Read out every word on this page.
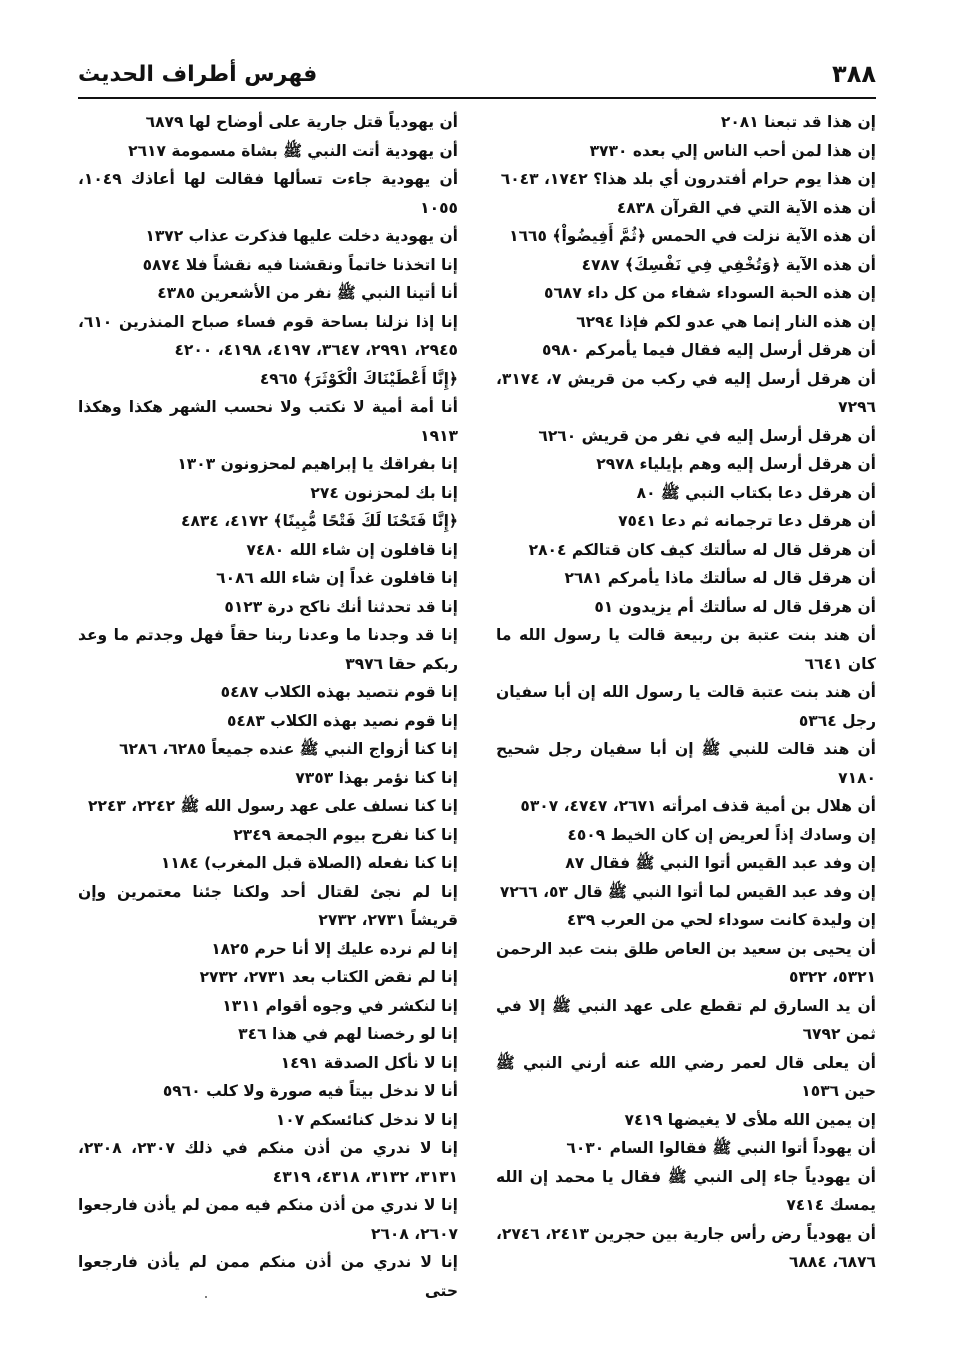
٣٨٨
فهرس أطراف الحديث

إن هذا قد تبعنا ٢٠٨١

إن هذا لمن أحب الناس إلي بعده ٣٧٣٠

إن هذا يوم حرام أفتدرون أي بلد هذا؟ ١٧٤٢، ٦٠٤٣

أن هذه الآية التي في القرآن ٤٨٣٨

أن هذه الآية نزلت في الحمس ﴿ثُمَّ أَفِيضُواْ﴾ ١٦٦٥

أن هذه الآية ﴿وَتُخْفِي فِي نَفْسِكَ﴾ ٤٧٨٧

إن هذه الحبة السوداء شفاء من كل داء ٥٦٨٧

إن هذه النار إنما هي عدو لكم فإذا ٦٢٩٤

أن هرقل أرسل إليه فقال فيما يأمركم ٥٩٨٠

أن هرقل أرسل إليه في ركب من قريش ٧، ٣١٧٤، ٧٢٩٦

أن هرقل أرسل إليه في نفر من قريش ٦٢٦٠

أن هرقل أرسل إليه وهم بإيلياء ٢٩٧٨

أن هرقل دعا بكتاب النبي ﷺ ٨٠

أن هرقل دعا ترجمانه ثم دعا ٧٥٤١

أن هرقل قال له سألتك كيف كان قتالكم ٢٨٠٤

أن هرقل قال له سألتك ماذا يأمركم ٢٦٨١

أن هرقل قال له سألتك أم يزيدون ٥١

أن هند بنت عتبة بن ربيعة قالت يا رسول الله ما كان ٦٦٤١

أن هند بنت عتبة قالت يا رسول الله إن أبا سفيان رجل ٥٣٦٤

أن هند قالت للنبي ﷺ إن أبا سفيان رجل شحيح ٧١٨٠

أن هلال بن أمية قذف امرأته ٢٦٧١، ٤٧٤٧، ٥٣٠٧

إن وسادك إذاً لعريض إن كان الخيط ٤٥٠٩

إن وفد عبد القيس أتوا النبي ﷺ فقال ٨٧

إن وفد عبد القيس لما أتوا النبي ﷺ قال ٥٣، ٧٢٦٦

إن وليدة كانت سوداء لحي من العرب ٤٣٩

أن يحيى بن سعيد بن العاص طلق بنت عبد الرحمن ٥٣٢١، ٥٣٢٢

أن يد السارق لم تقطع على عهد النبي ﷺ إلا في ثمن ٦٧٩٢

أن يعلى قال لعمر رضي الله عنه أرني النبي ﷺ حين ١٥٣٦

إن يمين الله ملأى لا يغيضها ٧٤١٩

أن يهوداً أتوا النبي ﷺ فقالوا السام ٦٠٣٠

أن يهودياً جاء إلى النبي ﷺ فقال يا محمد إن الله يمسك ٧٤١٤

أن يهودياً رض رأس جارية بين حجرين ٢٤١٣، ٢٧٤٦، ٦٨٧٦، ٦٨٨٤

أن يهودياً قتل جارية على أوضاح لها ٦٨٧٩

أن يهودية أتت النبي ﷺ بشاة مسمومة ٢٦١٧

أن يهودية جاءت تسألها فقالت لها أعاذك ١٠٤٩، ١٠٥٥

أن يهودية دخلت عليها فذكرت عذاب ١٣٧٢

إنا اتخذنا خاتماً ونقشنا فيه نقشاً فلا ٥٨٧٤

أنا أتينا النبي ﷺ نفر من الأشعرين ٤٣٨٥

إنا إذا نزلنا بساحة قوم فساء صباح المنذرين ٦١٠، ٢٩٤٥، ٢٩٩١، ٣٦٤٧، ٤١٩٧، ٤١٩٨، ٤٢٠٠

﴿إِنَّا أَعْطَيْنَاكَ الْكَوْثَرَ﴾ ٤٩٦٥

أنا أمة أمية لا نكتب ولا نحسب الشهر هكذا وهكذا ١٩١٣

إنا بفراقك يا إبراهيم لمحزونون ١٣٠٣

إنا بك لمحزنون ٢٧٤

﴿إِنَّا فَتَحْنَا لَكَ فَتْحًا مُّبِينًا﴾ ٤١٧٢، ٤٨٣٤

إنا قافلون إن شاء الله ٧٤٨٠

إنا قافلون غداً إن شاء الله ٦٠٨٦

إنا قد تحدثنا أنك ناكح درة ٥١٢٣

إنا قد وجدنا ما وعدنا ربنا حقاً فهل وجدتم ما وعد ربكم حقا ٣٩٧٦

إنا قوم نتصيد بهذه الكلاب ٥٤٨٧

إنا قوم نصيد بهذه الكلاب ٥٤٨٣

إنا كنا أزواج النبي ﷺ عنده جميعاً ٦٢٨٥، ٦٢٨٦

إنا كنا نؤمر بهذا ٧٣٥٣

إنا كنا نسلف على عهد رسول الله ﷺ ٢٢٤٢، ٢٢٤٣

إنا كنا نفرح بيوم الجمعة ٢٣٤٩

إنا كنا نفعله (الصلاة قبل المغرب) ١١٨٤

إنا لم نجئ لقتال أحد ولكنا جئنا معتمرين وإن قريشاً ٢٧٣١، ٢٧٣٢

إنا لم نرده عليك إلا أنا حرم ١٨٢٥

إنا لم نقض الكتاب بعد ٢٧٣١، ٢٧٣٢

إنا لنكشر في وجوه أقوام ١٣١١

إنا لو رخصنا لهم في هذا ٣٤٦

إنا لا نأكل الصدقة ١٤٩١

أنا لا ندخل بيتاً فيه صورة ولا كلب ٥٩٦٠

إنا لا ندخل كنائسكم ١٠٧

إنا لا ندري من أذن منكم في ذلك ٢٣٠٧، ٢٣٠٨، ٣١٣١، ٣١٣٢، ٤٣١٨، ٤٣١٩

إنا لا ندري من أذن منكم فيه ممن لم يأذن فارجعوا ٢٦٠٧، ٢٦٠٨

إنا لا ندري من أذن منكم ممن لم يأذن فارجعوا حتى
